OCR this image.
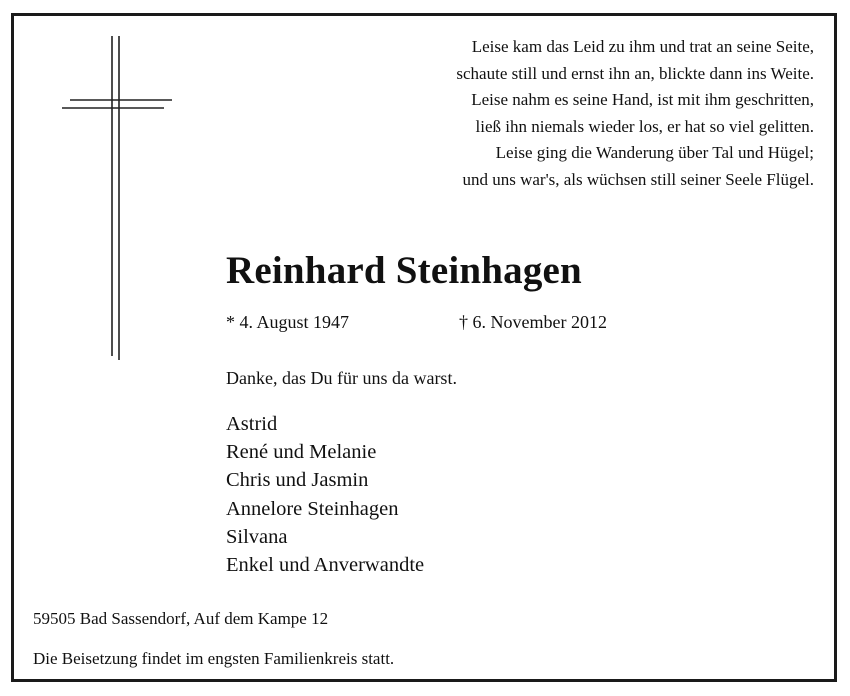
Leise kam das Leid zu ihm und trat an seine Seite,
schaute still und ernst ihn an, blickte dann ins Weite.
Leise nahm es seine Hand, ist mit ihm geschritten,
ließ ihn niemals wieder los, er hat so viel gelitten.
Leise ging die Wanderung über Tal und Hügel;
und uns war's, als wüchsen still seiner Seele Flügel.
Reinhard Steinhagen
* 4. August 1947	† 6. November 2012
Danke, das Du für uns da warst.
Astrid
René und Melanie
Chris und Jasmin
Annelore Steinhagen
Silvana
Enkel und Anverwandte
59505 Bad Sassendorf, Auf dem Kampe 12
Die Beisetzung findet im engsten Familienkreis statt.
